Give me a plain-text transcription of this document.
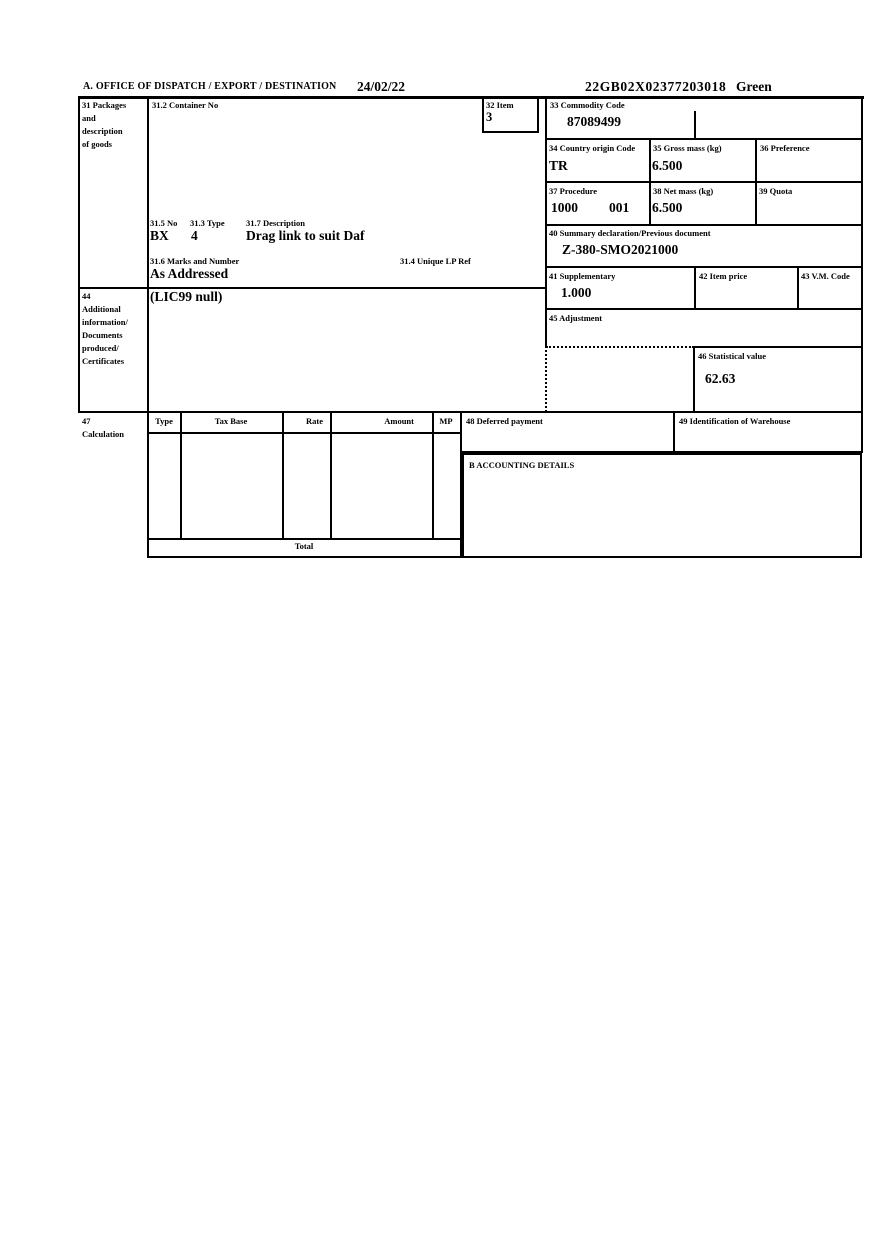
A. OFFICE OF DISPATCH / EXPORT / DESTINATION 24/02/22	22GB02X02377203018 Green
31 Packages
and
description
of goods
31.2 Container No
31.5 No 31.3 Type	31.7 Description
BX 4	Drag link to suit Daf
31.6 Marks and Number	31.4 Unique LP Ref
As Addressed
32 Item
3
33 Commodity Code
87089499
34 Country origin Code
TR
35 Gross mass (kg)
6.500
36 Preference
37 Procedure
1000 001
38 Net mass (kg)
6.500
39 Quota
40 Summary declaration/Previous document
Z-380-SMO2021000
41 Supplementary
1.000
42 Item price	43 V.M. Code
44
Additional
information/
Documents
produced/
Certificates
(LIC99 null)
45 Adjustment
46 Statistical value
62.63
47
Calculation
Type	Tax Base	Rate	Amount	MP
Total
48 Deferred payment	49 Identification of Warehouse
B ACCOUNTING DETAILS
